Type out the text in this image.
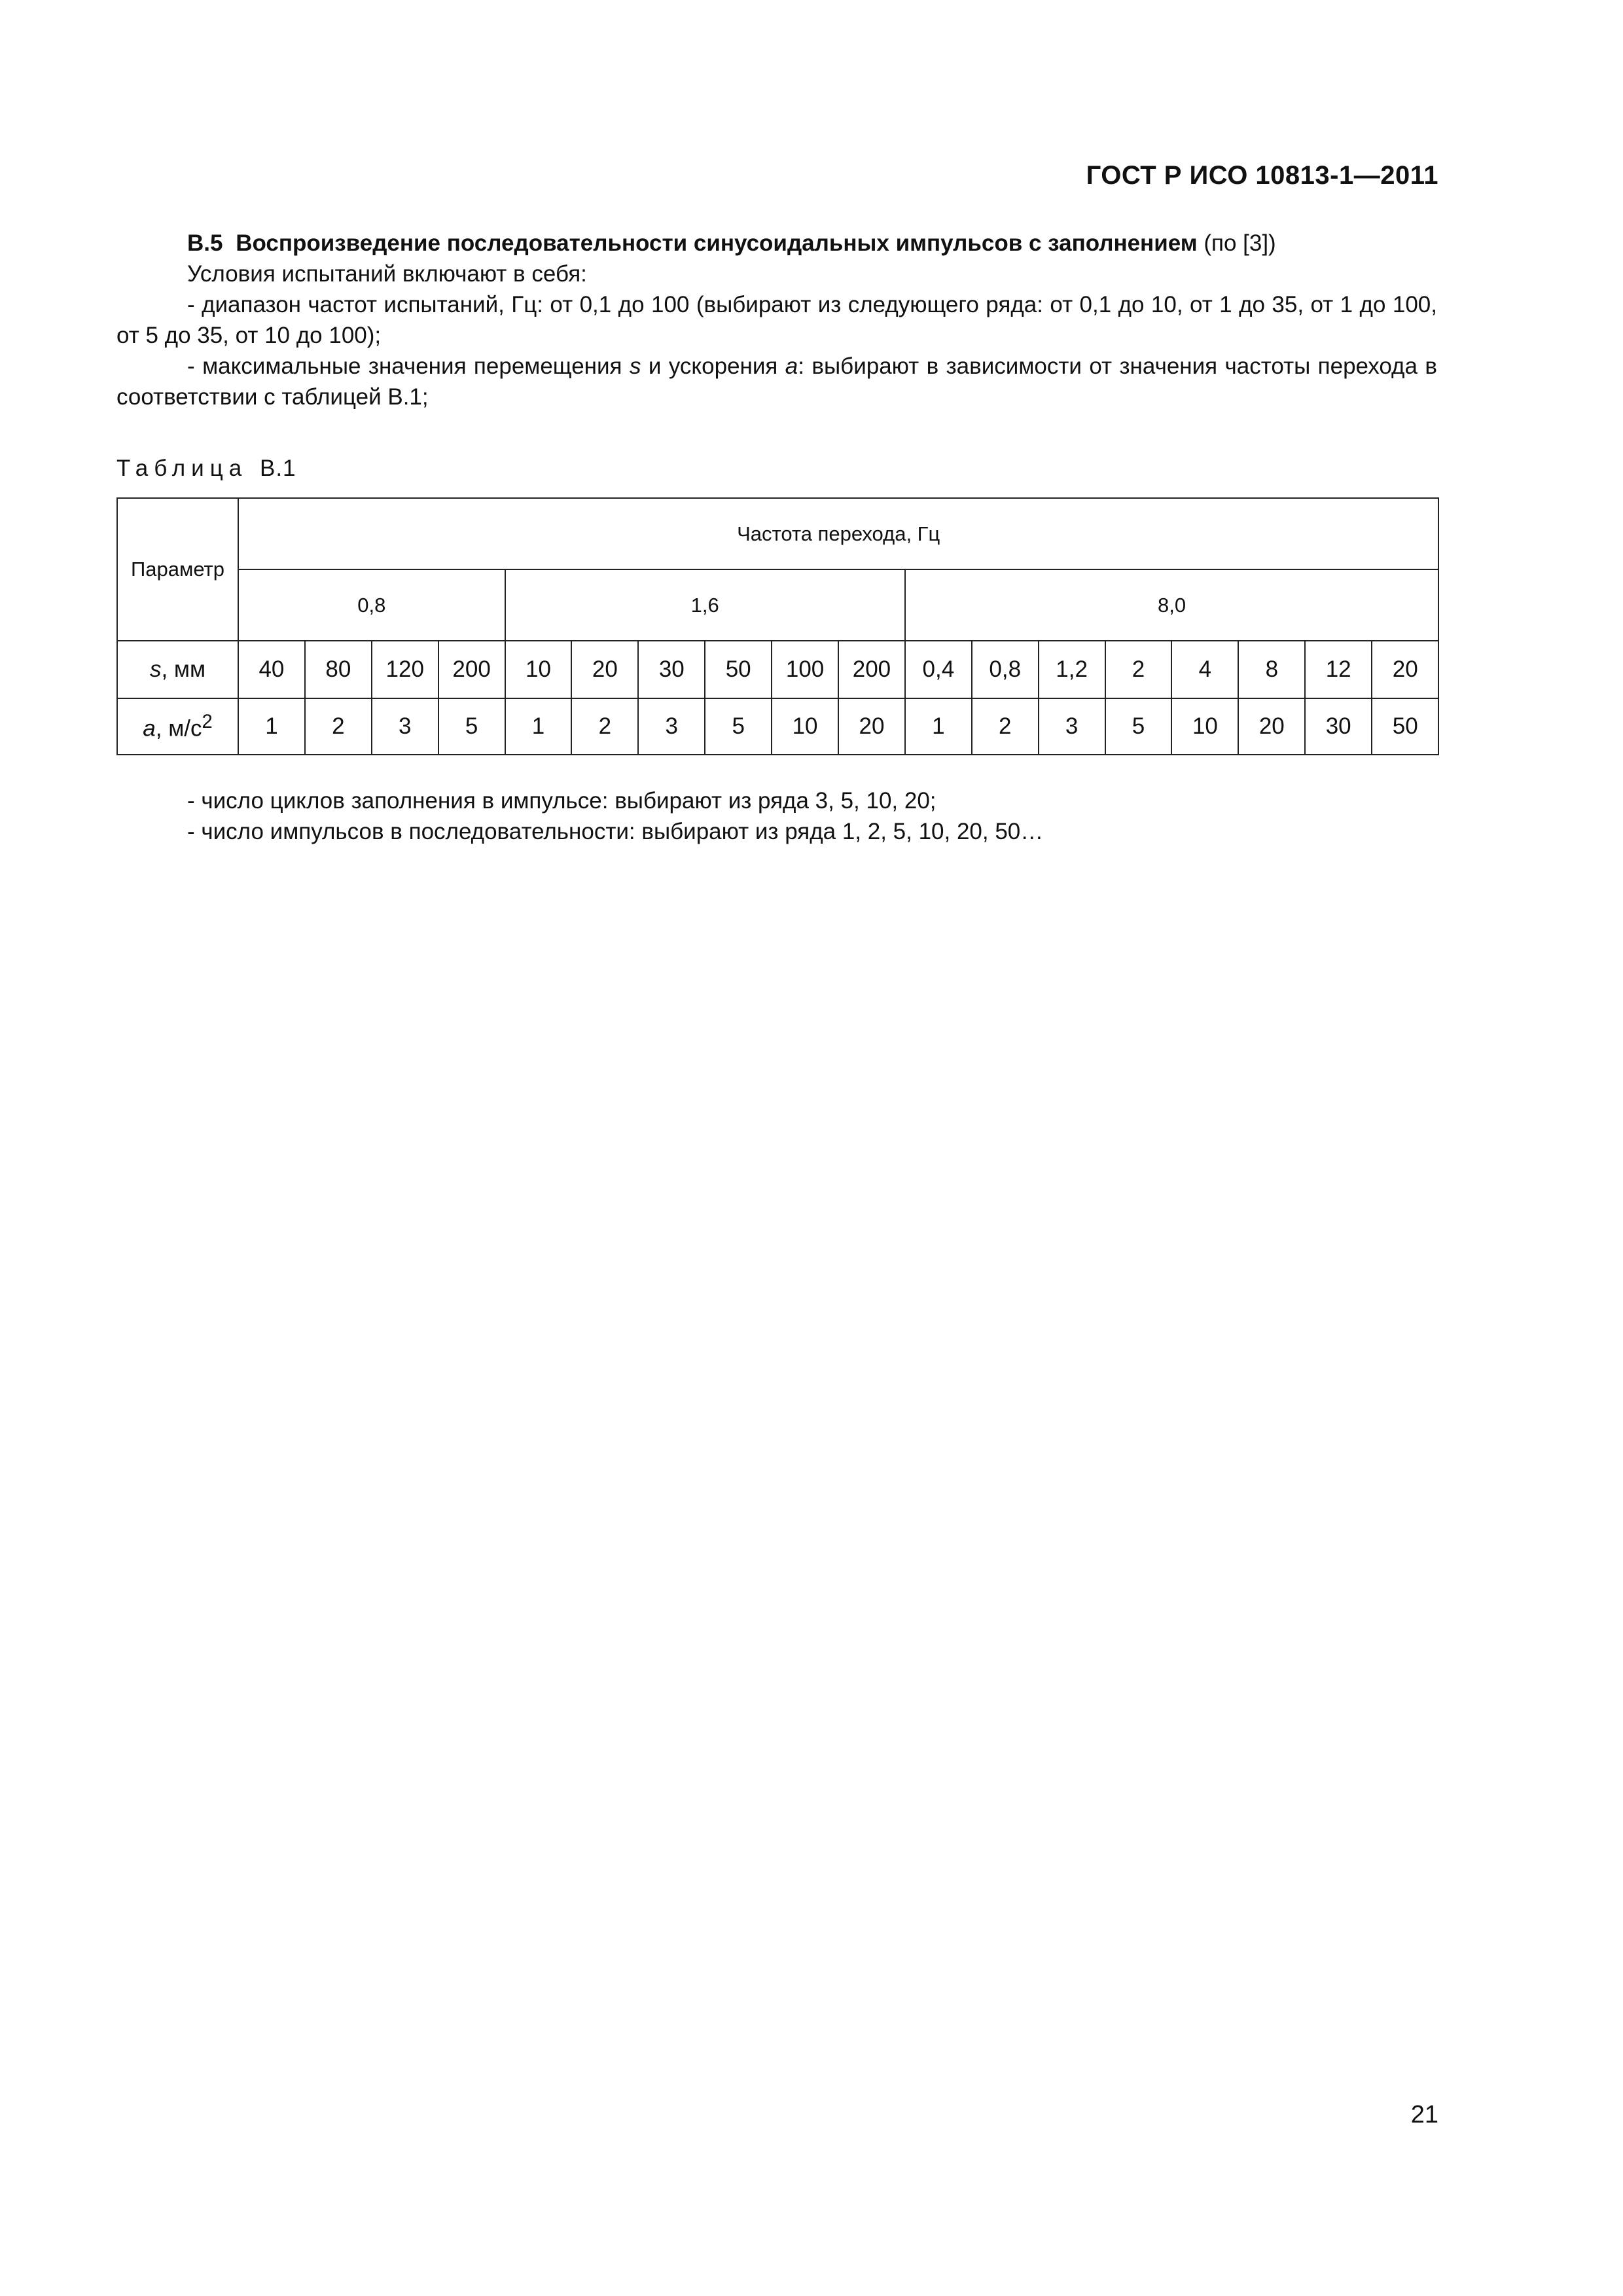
ГОСТ Р ИСО 10813-1—2011

В.5 Воспроизведение последовательности синусоидальных импульсов с заполнением (по [3])

Условия испытаний включают в себя:

- диапазон частот испытаний, Гц: от 0,1 до 100 (выбирают из следующего ряда: от 0,1 до 10, от 1 до 35, от 1 до 100, от 5 до 35, от 10 до 100);

- максимальные значения перемещения s и ускорения a: выбирают в зависимости от значения частоты перехода в соответствии с таблицей В.1;

Таблица В.1
Параметр	Частота перехода, Гц																	
	0,8				1,6						8,0							
s, мм	40	80	120	200	10	20	30	50	100	200	0,4	0,8	1,2	2	4	8	12	20
a, $м/с^2$	1	2	3	5	1	2	3	5	10	20	1	2	3	5	10	20	30	50

- число циклов заполнения в импульсе: выбирают из ряда 3, 5, 10, 20;

- число импульсов в последовательности: выбирают из ряда 1, 2, 5, 10, 20, 50…

21
